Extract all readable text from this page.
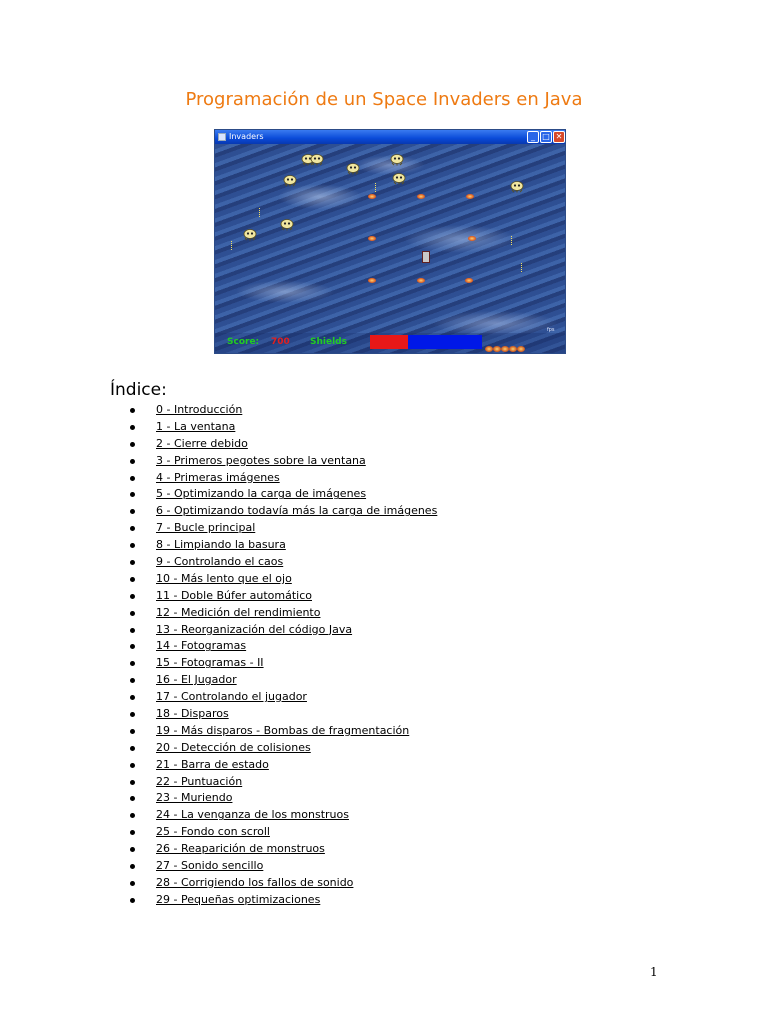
Programación de un Space Invaders en Java
Invaders	_ □ ✕
Score: 700 Shields
fps
Índice:
0 - Introducción
1 - La ventana
2 - Cierre debido
3 - Primeros pegotes sobre la ventana
4 - Primeras imágenes
5 - Optimizando la carga de imágenes
6 - Optimizando todavía más la carga de imágenes
7 - Bucle principal
8 - Limpiando la basura
9 - Controlando el caos
10 - Más lento que el ojo
11 - Doble Búfer automático
12 - Medición del rendimiento
13 - Reorganización del código Java
14 - Fotogramas
15 - Fotogramas - II
16 - El Jugador
17 - Controlando el jugador
18 - Disparos
19 - Más disparos - Bombas de fragmentación
20 - Detección de colisiones
21 - Barra de estado
22 - Puntuación
23 - Muriendo
24 - La venganza de los monstruos
25 - Fondo con scroll
26 - Reaparición de monstruos
27 - Sonido sencillo
28 - Corrigiendo los fallos de sonido
29 - Pequeñas optimizaciones
1
